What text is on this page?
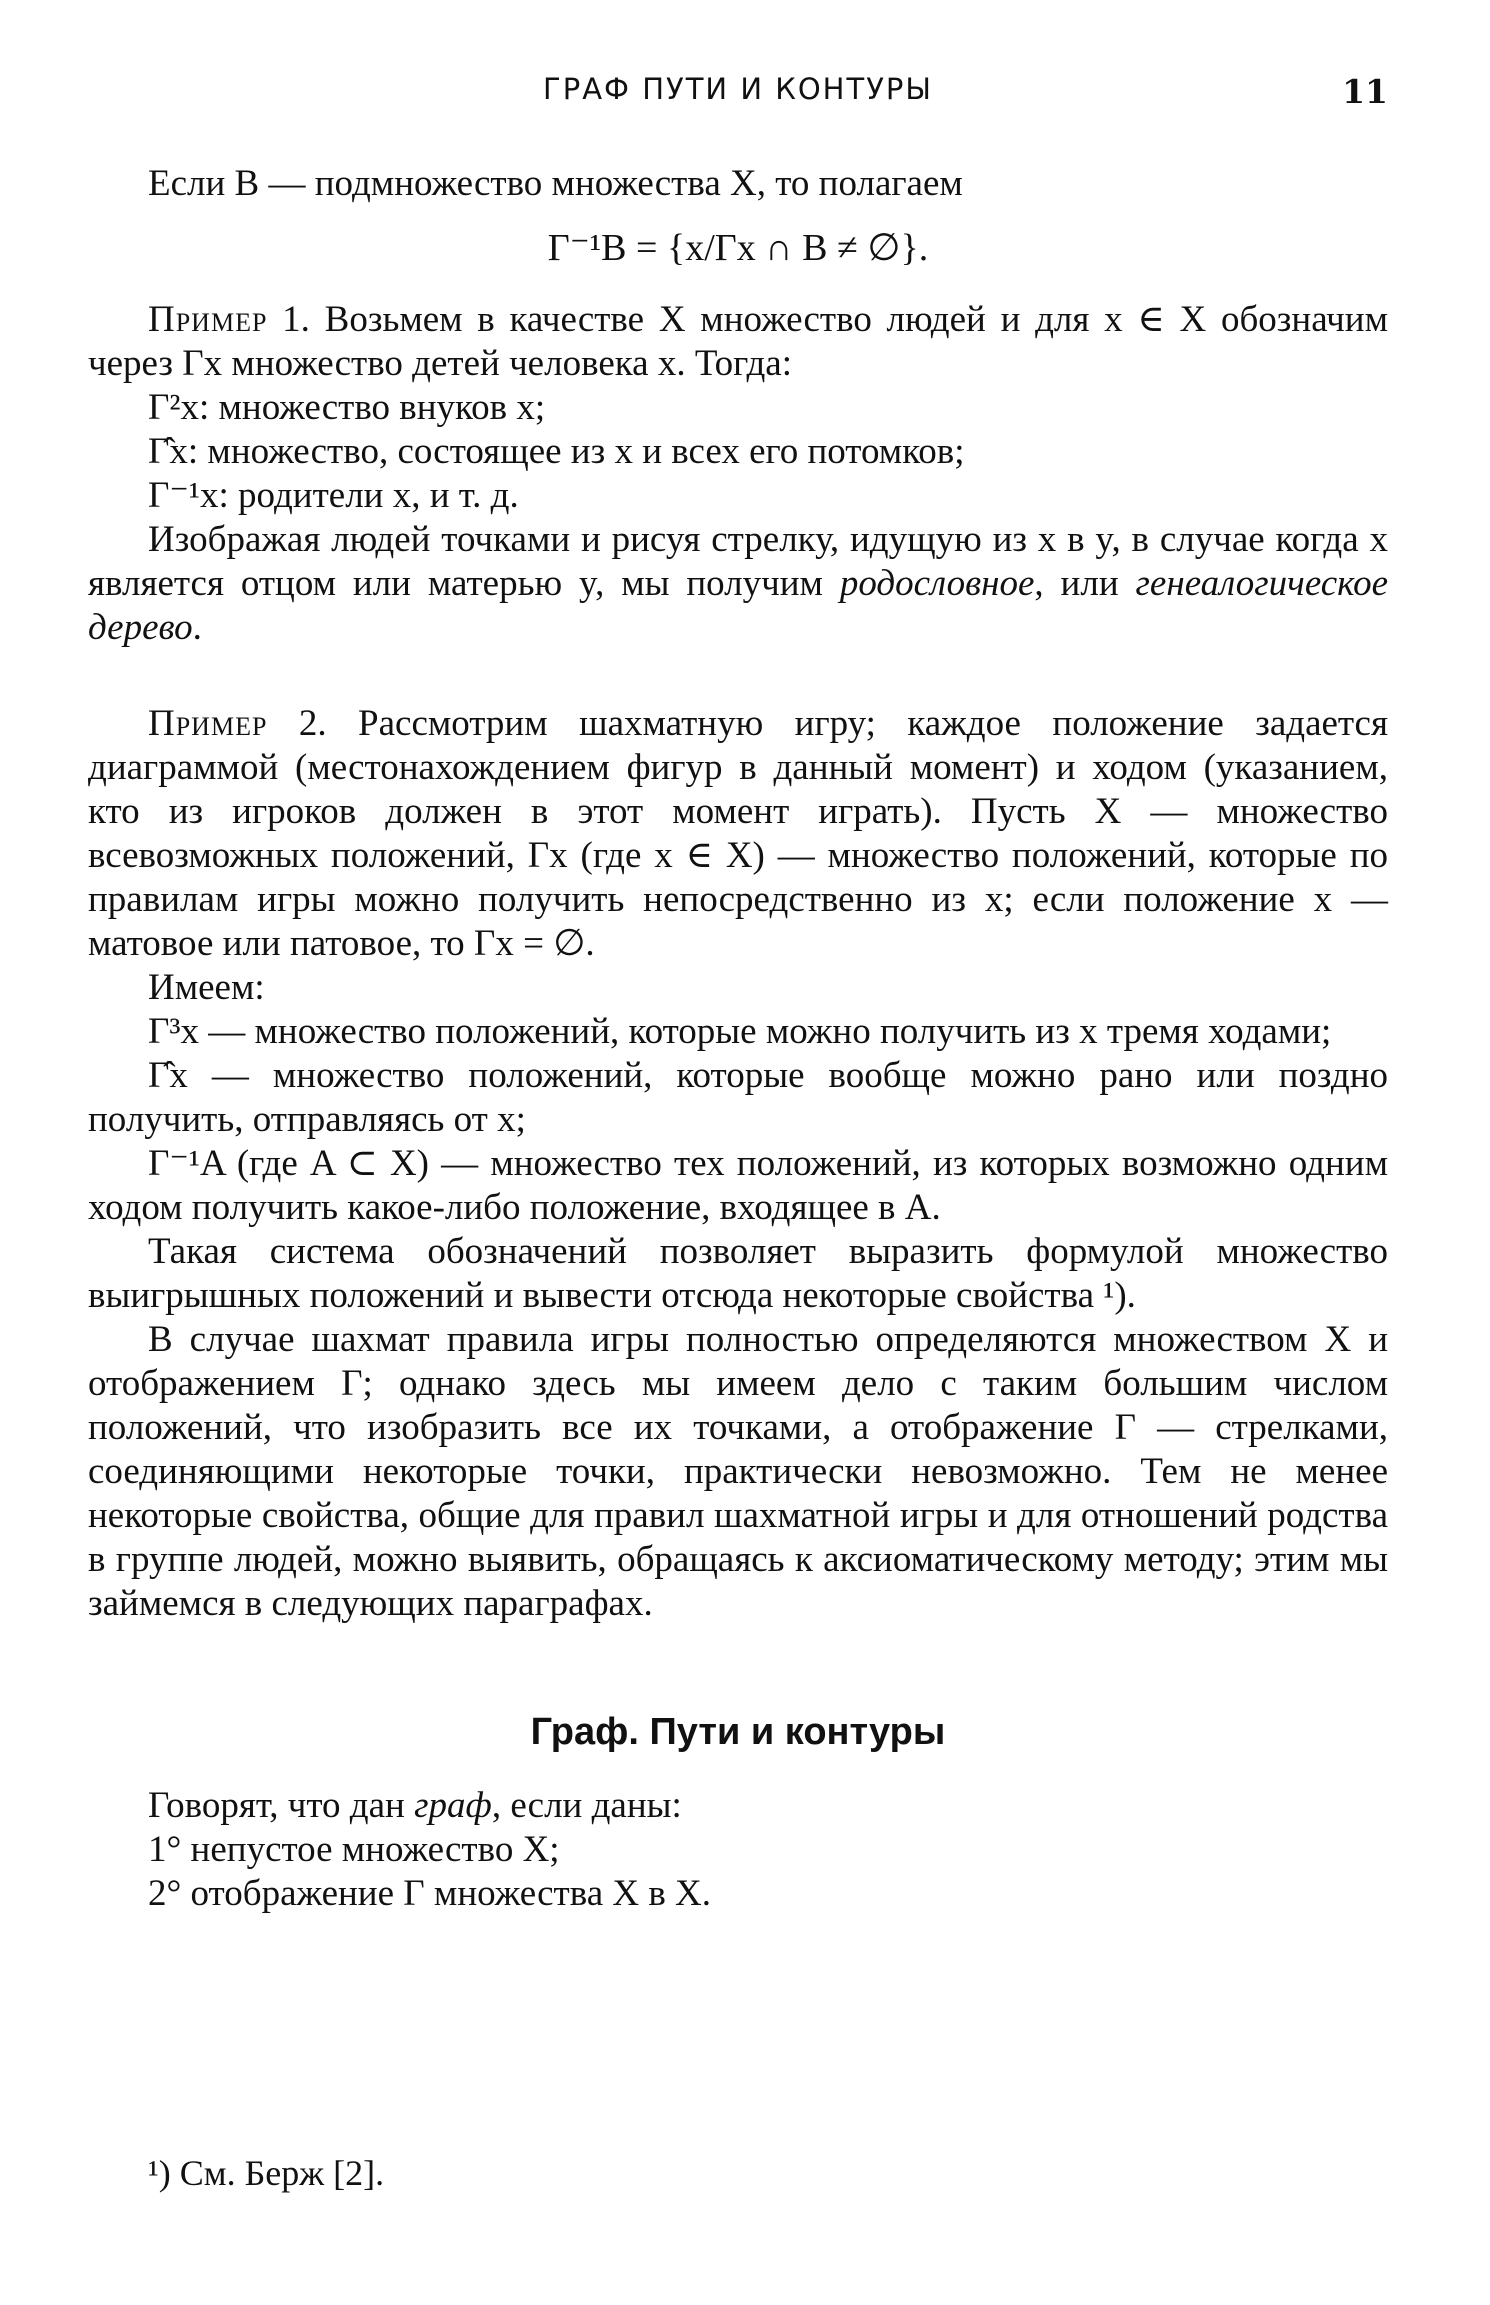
ГРАФ ПУТИ И КОНТУРЫ	11

Если B — подмножество множества X, то полагаем

Γ⁻¹B = {x/Γx ∩ B ≠ ∅}.

Пример 1. Возьмем в качестве X множество людей и для x ∈ X обозначим через Γx множество детей человека x. Тогда:

Γ²x: множество внуков x;

Γ̂x: множество, состоящее из x и всех его потомков;

Γ⁻¹x: родители x, и т. д.

Изображая людей точками и рисуя стрелку, идущую из x в y, в случае когда x является отцом или матерью y, мы получим родословное, или генеалогическое дерево.

Пример 2. Рассмотрим шахматную игру; каждое положение задается диаграммой (местонахождением фигур в данный момент) и ходом (указанием, кто из игроков должен в этот момент играть). Пусть X — множество всевозможных положений, Γx (где x ∈ X) — множество положений, которые по правилам игры можно получить непосредственно из x; если положение x — матовое или патовое, то Γx = ∅.

Имеем:

Γ³x — множество положений, которые можно получить из x тремя ходами;

Γ̂x — множество положений, которые вообще можно рано или поздно получить, отправляясь от x;

Γ⁻¹A (где A ⊂ X) — множество тех положений, из которых возможно одним ходом получить какое-либо положение, входящее в A.

Такая система обозначений позволяет выразить формулой множество выигрышных положений и вывести отсюда некоторые свойства ¹).

В случае шахмат правила игры полностью определяются множеством X и отображением Γ; однако здесь мы имеем дело с таким большим числом положений, что изобразить все их точками, а отображение Γ — стрелками, соединяющими некоторые точки, практически невозможно. Тем не менее некоторые свойства, общие для правил шахматной игры и для отношений родства в группе людей, можно выявить, обращаясь к аксиоматическому методу; этим мы займемся в следующих параграфах.

Граф. Пути и контуры

Говорят, что дан граф, если даны:

1° непустое множество X;

2° отображение Γ множества X в X.

¹) См. Берж [2].
